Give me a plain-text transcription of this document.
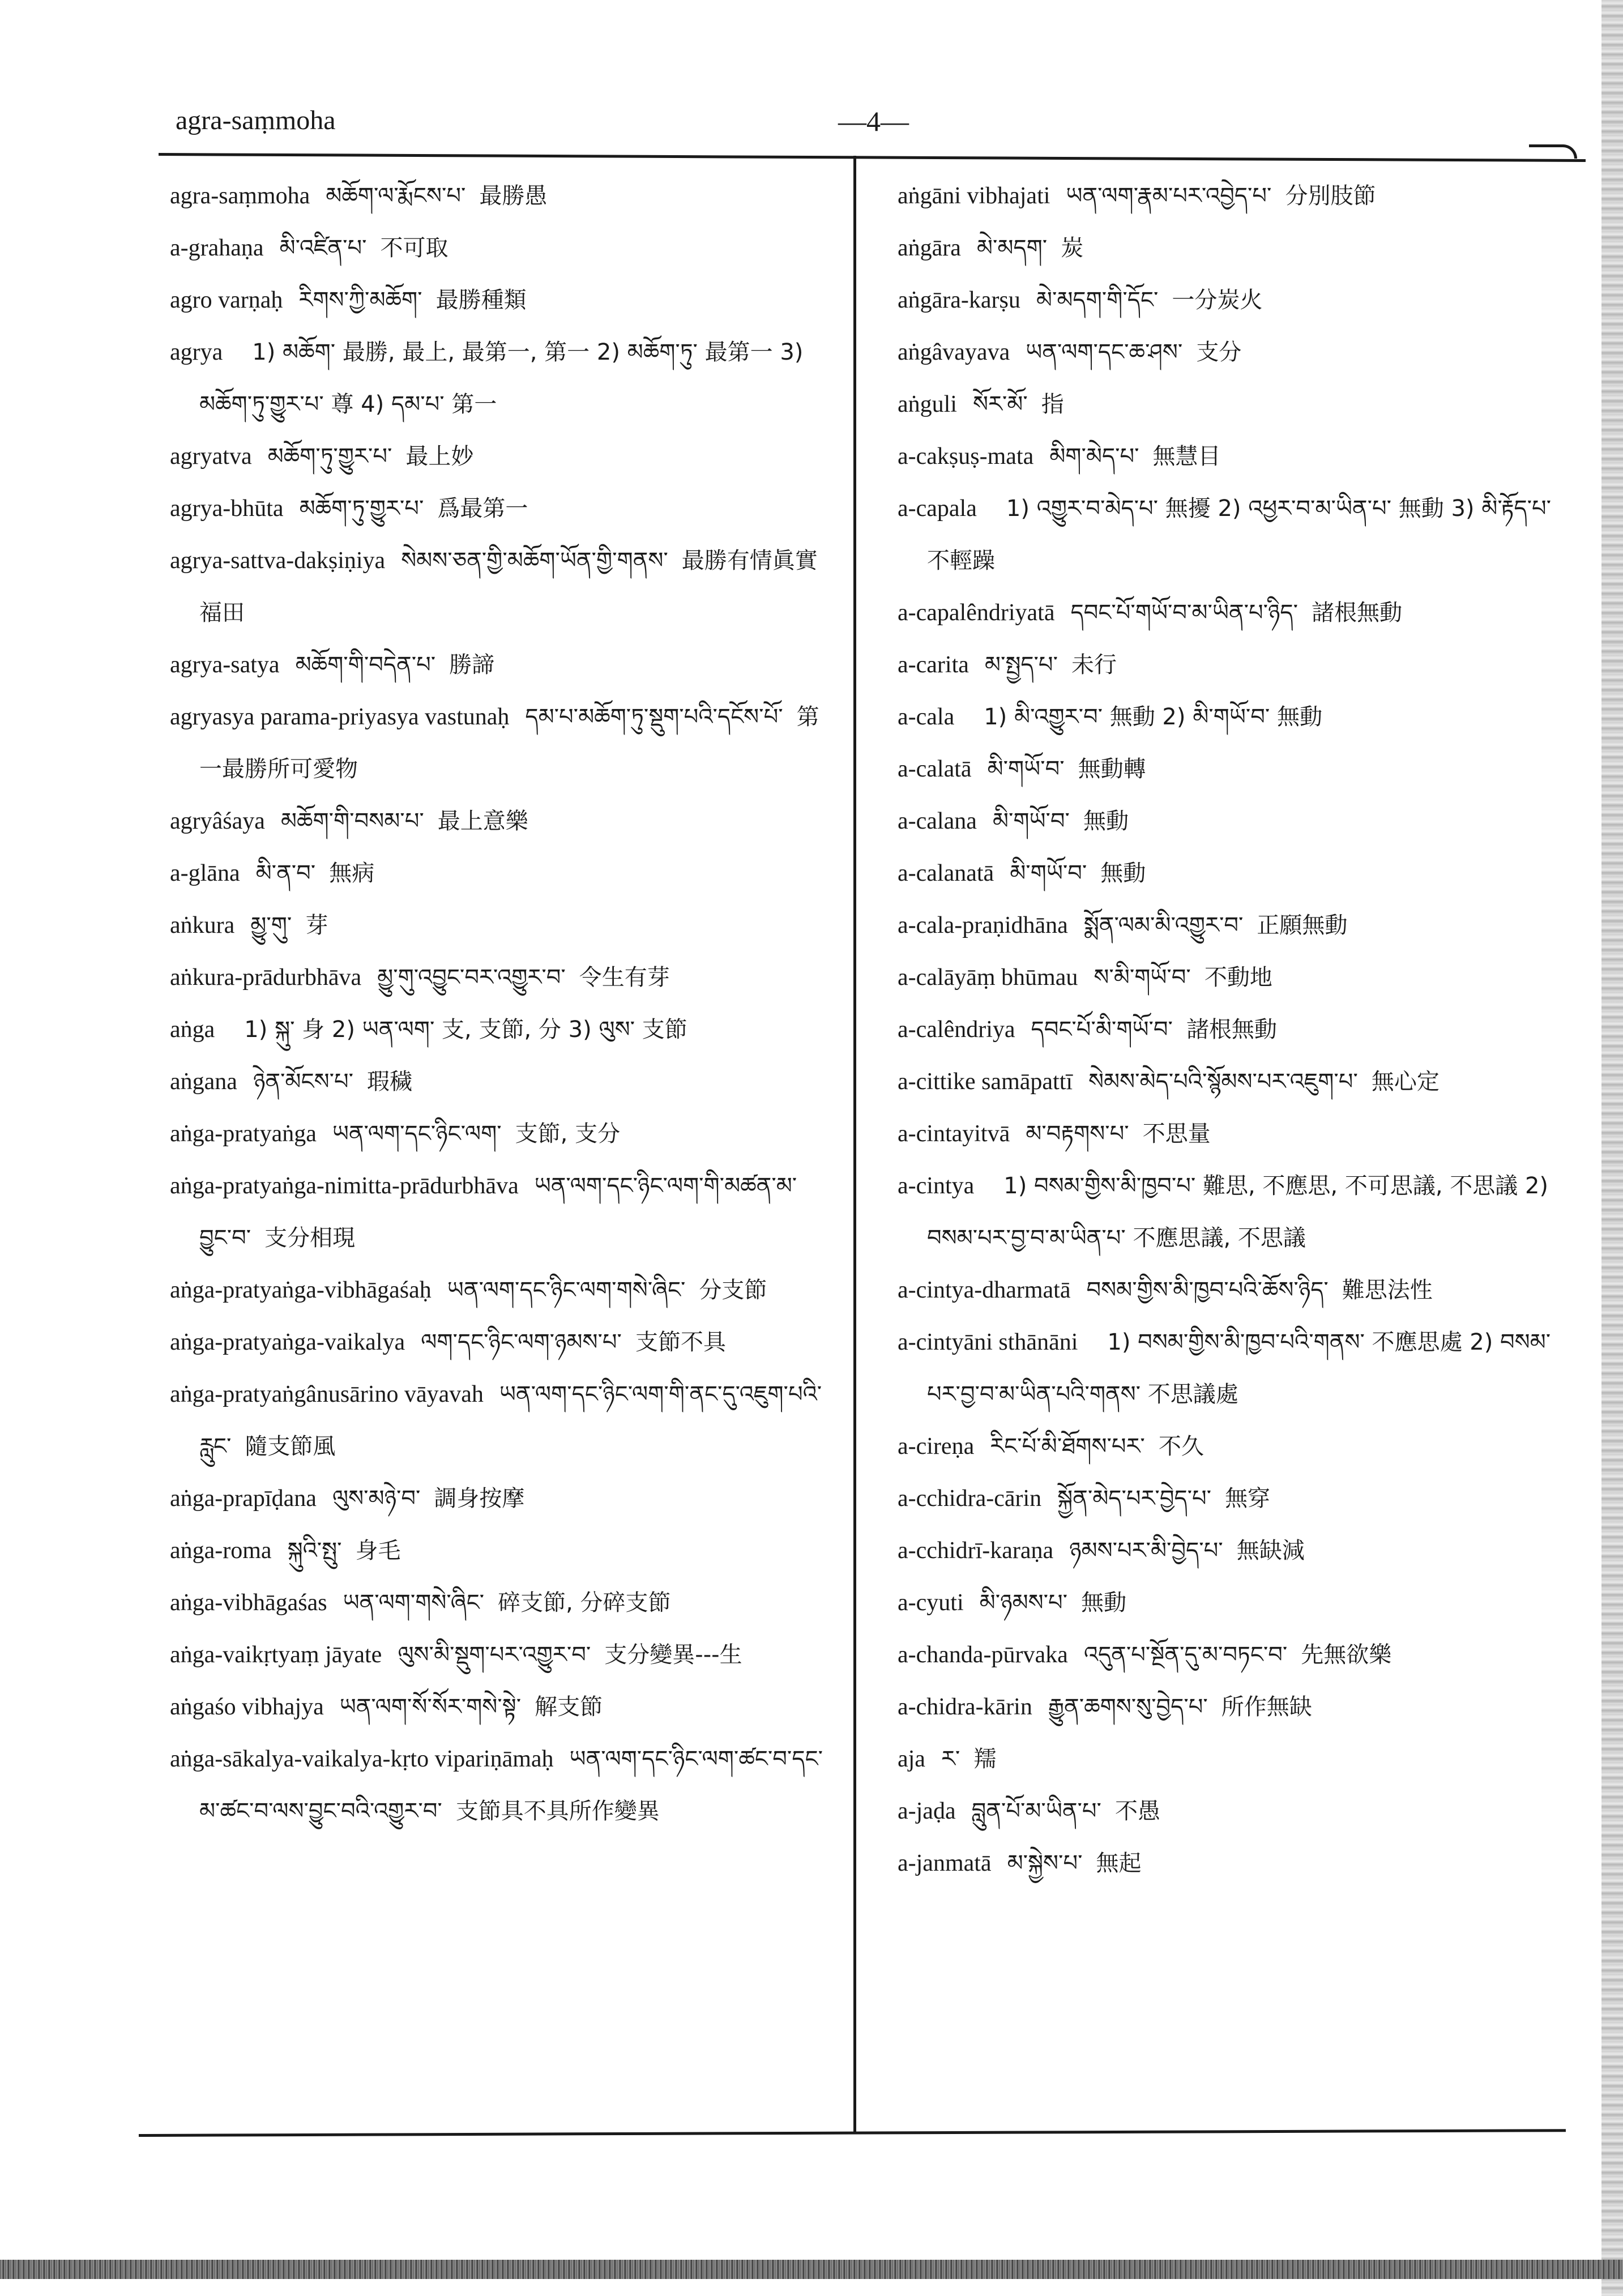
agra-saṃmoha	—4—

agra-saṃmoha མཆོག་ལ་རྨོངས་པ་ 最勝愚

a-grahaṇa མི་འཛིན་པ་ 不可取

agro varṇaḥ རིགས་ཀྱི་མཆོག་ 最勝種類

agrya 1) མཆོག་ 最勝, 最上, 最第一, 第一 2) མཆོག་ཏུ་ 最第一 3) མཆོག་ཏུ་གྱུར་པ་ 尊 4) དམ་པ་ 第一

agryatva མཆོག་ཏུ་གྱུར་པ་ 最上妙

agrya-bhūta མཆོག་ཏུ་གྱུར་པ་ 爲最第一

agrya-sattva-dakṣiṇiya སེམས་ཅན་གྱི་མཆོག་ཡོན་གྱི་གནས་ 最勝有情眞實福田

agrya-satya མཆོག་གི་བདེན་པ་ 勝諦

agryasya parama-priyasya vastunaḥ དམ་པ་མཆོག་ཏུ་སྡུག་པའི་དངོས་པོ་ 第一最勝所可愛物

agryâśaya མཆོག་གི་བསམ་པ་ 最上意樂

a-glāna མི་ན་བ་ 無病

aṅkura མྱུ་གུ་ 芽

aṅkura-prādurbhāva མྱུ་གུ་འབྱུང་བར་འགྱུར་བ་ 令生有芽

aṅga 1) སྐུ་ 身 2) ཡན་ལག་ 支, 支節, 分 3) ལུས་ 支節

aṅgana ཉེན་མོངས་པ་ 瑕穢

aṅga-pratyaṅga ཡན་ལག་དང་ཉིང་ལག་ 支節, 支分

aṅga-pratyaṅga-nimitta-prādurbhāva ཡན་ལག་དང་ཉིང་ལག་གི་མཚན་མ་བྱུང་བ་ 支分相現

aṅga-pratyaṅga-vibhāgaśaḥ ཡན་ལག་དང་ཉིང་ལག་གསེ་ཞིང་ 分支節

aṅga-pratyaṅga-vaikalya ལག་དང་ཉིང་ལག་ཉམས་པ་ 支節不具

aṅga-pratyaṅgânusārino vāyavah ཡན་ལག་དང་ཉིང་ལག་གི་ནང་དུ་འཇུག་པའི་རླུང་ 隨支節風

aṅga-prapīḍana ལུས་མཉེ་བ་ 調身按摩

aṅga-roma སྐུའི་སྤུ་ 身毛

aṅga-vibhāgaśas ཡན་ལག་གསེ་ཞིང་ 碎支節, 分碎支節

aṅga-vaikṛtyaṃ jāyate ལུས་མི་སྡུག་པར་འགྱུར་བ་ 支分變異---生

aṅgaśo vibhajya ཡན་ལག་སོ་སོར་གསེ་སྟེ་ 解支節

aṅga-sākalya-vaikalya-kṛto vipariṇāmaḥ ཡན་ལག་དང་ཉིང་ལག་ཚང་བ་དང་མ་ཚང་བ་ལས་བྱུང་བའི་འགྱུར་བ་ 支節具不具所作變異

aṅgāni vibhajati ཡན་ལག་རྣམ་པར་འབྱེད་པ་ 分別肢節

aṅgāra མེ་མདག་ 炭

aṅgāra-karṣu མེ་མདག་གི་དོང་ 一分炭火

aṅgâvayava ཡན་ལག་དང་ཆ་ཤས་ 支分

aṅguli སོར་མོ་ 指

a-cakṣuṣ-mata མིག་མེད་པ་ 無慧目

a-capala 1) འགྱུར་བ་མེད་པ་ 無擾 2) འཕྱར་བ་མ་ཡིན་པ་ 無動 3) མི་རྟོད་པ་ 不輕躁

a-capalêndriyatā དབང་པོ་གཡོ་བ་མ་ཡིན་པ་ཉིད་ 諸根無動

a-carita མ་སྤྱད་པ་ 未行

a-cala 1) མི་འགྱུར་བ་ 無動 2) མི་གཡོ་བ་ 無動

a-calatā མི་གཡོ་བ་ 無動轉

a-calana མི་གཡོ་བ་ 無動

a-calanatā མི་གཡོ་བ་ 無動

a-cala-praṇidhāna སྨོན་ལམ་མི་འགྱུར་བ་ 正願無動

a-calāyāṃ bhūmau ས་མི་གཡོ་བ་ 不動地

a-calêndriya དབང་པོ་མི་གཡོ་བ་ 諸根無動

a-cittike samāpattī སེམས་མེད་པའི་སྙོམས་པར་འཇུག་པ་ 無心定

a-cintayitvā མ་བརྟགས་པ་ 不思量

a-cintya 1) བསམ་གྱིས་མི་ཁྱབ་པ་ 難思, 不應思, 不可思議, 不思議 2) བསམ་པར་བྱ་བ་མ་ཡིན་པ་ 不應思議, 不思議

a-cintya-dharmatā བསམ་གྱིས་མི་ཁྱབ་པའི་ཆོས་ཉིད་ 難思法性

a-cintyāni sthānāni 1) བསམ་གྱིས་མི་ཁྱབ་པའི་གནས་ 不應思處 2) བསམ་པར་བྱ་བ་མ་ཡིན་པའི་གནས་ 不思議處

a-cireṇa རིང་པོ་མི་ཐོགས་པར་ 不久

a-cchidra-cārin སྐྱོན་མེད་པར་བྱེད་པ་ 無穿

a-cchidrī-karaṇa ཉམས་པར་མི་བྱེད་པ་ 無缺減

a-cyuti མི་ཉམས་པ་ 無動

a-chanda-pūrvaka འདུན་པ་སྔོན་དུ་མ་བཏང་བ་ 先無欲樂

a-chidra-kārin རྒྱུན་ཆགས་སུ་བྱེད་པ་ 所作無缺

aja ར་ 羺

a-jaḍa བླུན་པོ་མ་ཡིན་པ་ 不愚

a-janmatā མ་སྐྱེས་པ་ 無起
